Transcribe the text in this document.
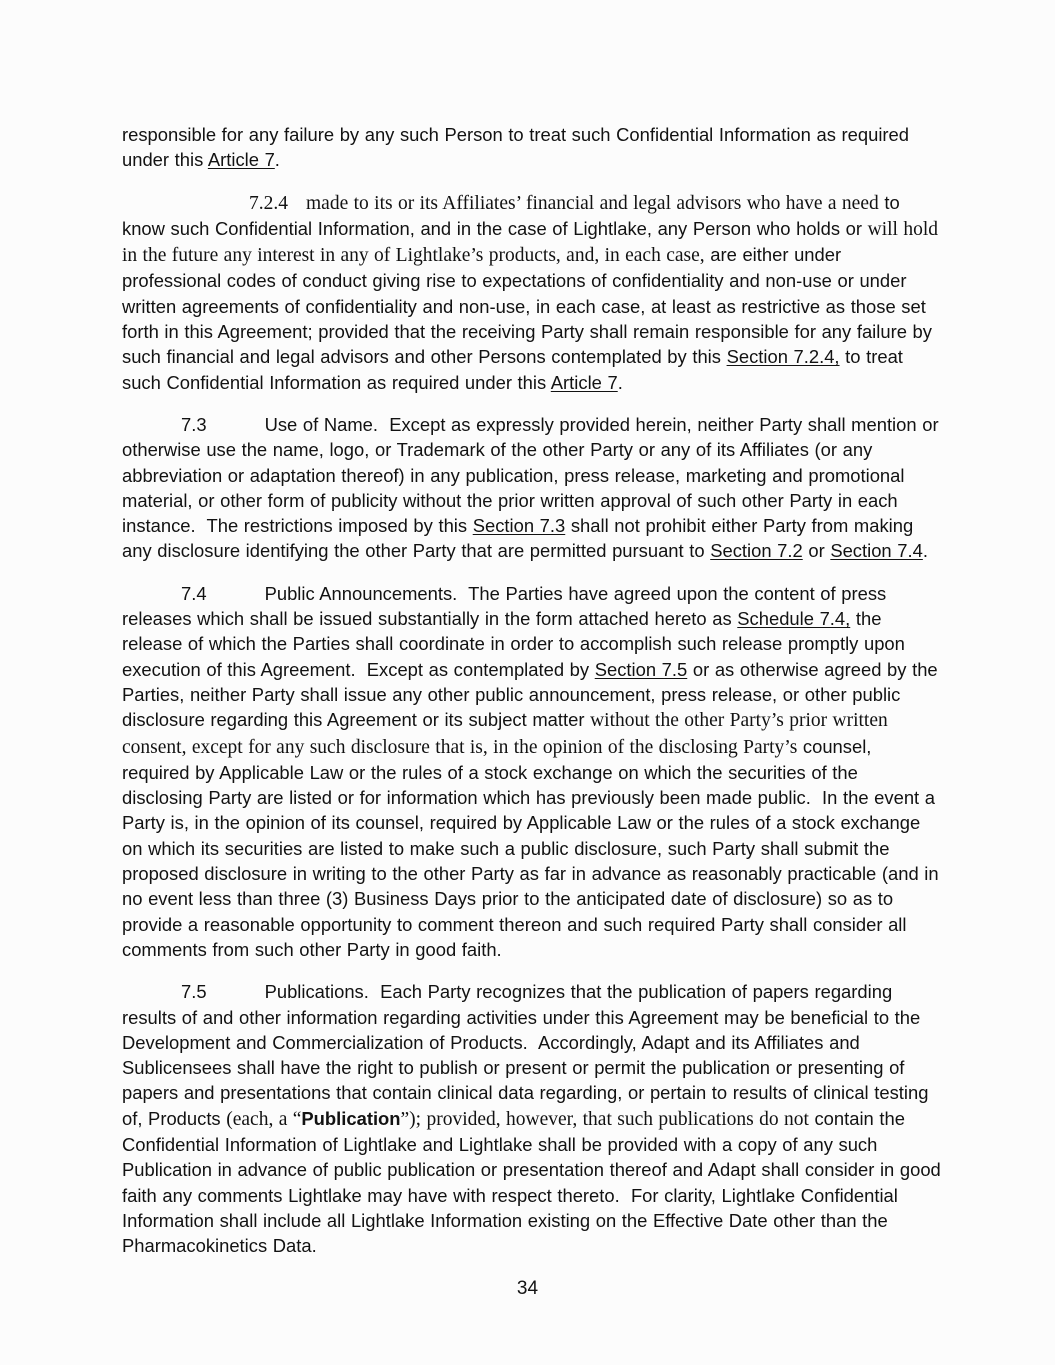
responsible for any failure by any such Person to treat such Confidential Information as required under this Article 7.

7.2.4 made to its or its Affiliates’ financial and legal advisors who have a need to know such Confidential Information, and in the case of Lightlake, any Person who holds or will hold in the future any interest in any of Lightlake’s products, and, in each case, are either under professional codes of conduct giving rise to expectations of confidentiality and non-use or under written agreements of confidentiality and non-use, in each case, at least as restrictive as those set forth in this Agreement; provided that the receiving Party shall remain responsible for any failure by such financial and legal advisors and other Persons contemplated by this Section 7.2.4, to treat such Confidential Information as required under this Article 7.

7.3	Use of Name.  Except as expressly provided herein, neither Party shall mention or otherwise use the name, logo, or Trademark of the other Party or any of its Affiliates (or any abbreviation or adaptation thereof) in any publication, press release, marketing and promotional material, or other form of publicity without the prior written approval of such other Party in each instance.  The restrictions imposed by this Section 7.3 shall not prohibit either Party from making any disclosure identifying the other Party that are permitted pursuant to Section 7.2 or Section 7.4.

7.4	Public Announcements.  The Parties have agreed upon the content of press releases which shall be issued substantially in the form attached hereto as Schedule 7.4, the release of which the Parties shall coordinate in order to accomplish such release promptly upon execution of this Agreement.  Except as contemplated by Section 7.5 or as otherwise agreed by the Parties, neither Party shall issue any other public announcement, press release, or other public disclosure regarding this Agreement or its subject matter without the other Party’s prior written consent, except for any such disclosure that is, in the opinion of the disclosing Party’s counsel, required by Applicable Law or the rules of a stock exchange on which the securities of the disclosing Party are listed or for information which has previously been made public.  In the event a Party is, in the opinion of its counsel, required by Applicable Law or the rules of a stock exchange on which its securities are listed to make such a public disclosure, such Party shall submit the proposed disclosure in writing to the other Party as far in advance as reasonably practicable (and in no event less than three (3) Business Days prior to the anticipated date of disclosure) so as to provide a reasonable opportunity to comment thereon and such required Party shall consider all comments from such other Party in good faith.

7.5	Publications.  Each Party recognizes that the publication of papers regarding results of and other information regarding activities under this Agreement may be beneficial to the Development and Commercialization of Products.  Accordingly, Adapt and its Affiliates and Sublicensees shall have the right to publish or present or permit the publication or presenting of papers and presentations that contain clinical data regarding, or pertain to results of clinical testing of, Products (each, a “Publication”); provided, however, that such publications do not contain the Confidential Information of Lightlake and Lightlake shall be provided with a copy of any such Publication in advance of public publication or presentation thereof and Adapt shall consider in good faith any comments Lightlake may have with respect thereto.  For clarity, Lightlake Confidential Information shall include all Lightlake Information existing on the Effective Date other than the Pharmacokinetics Data.

34
